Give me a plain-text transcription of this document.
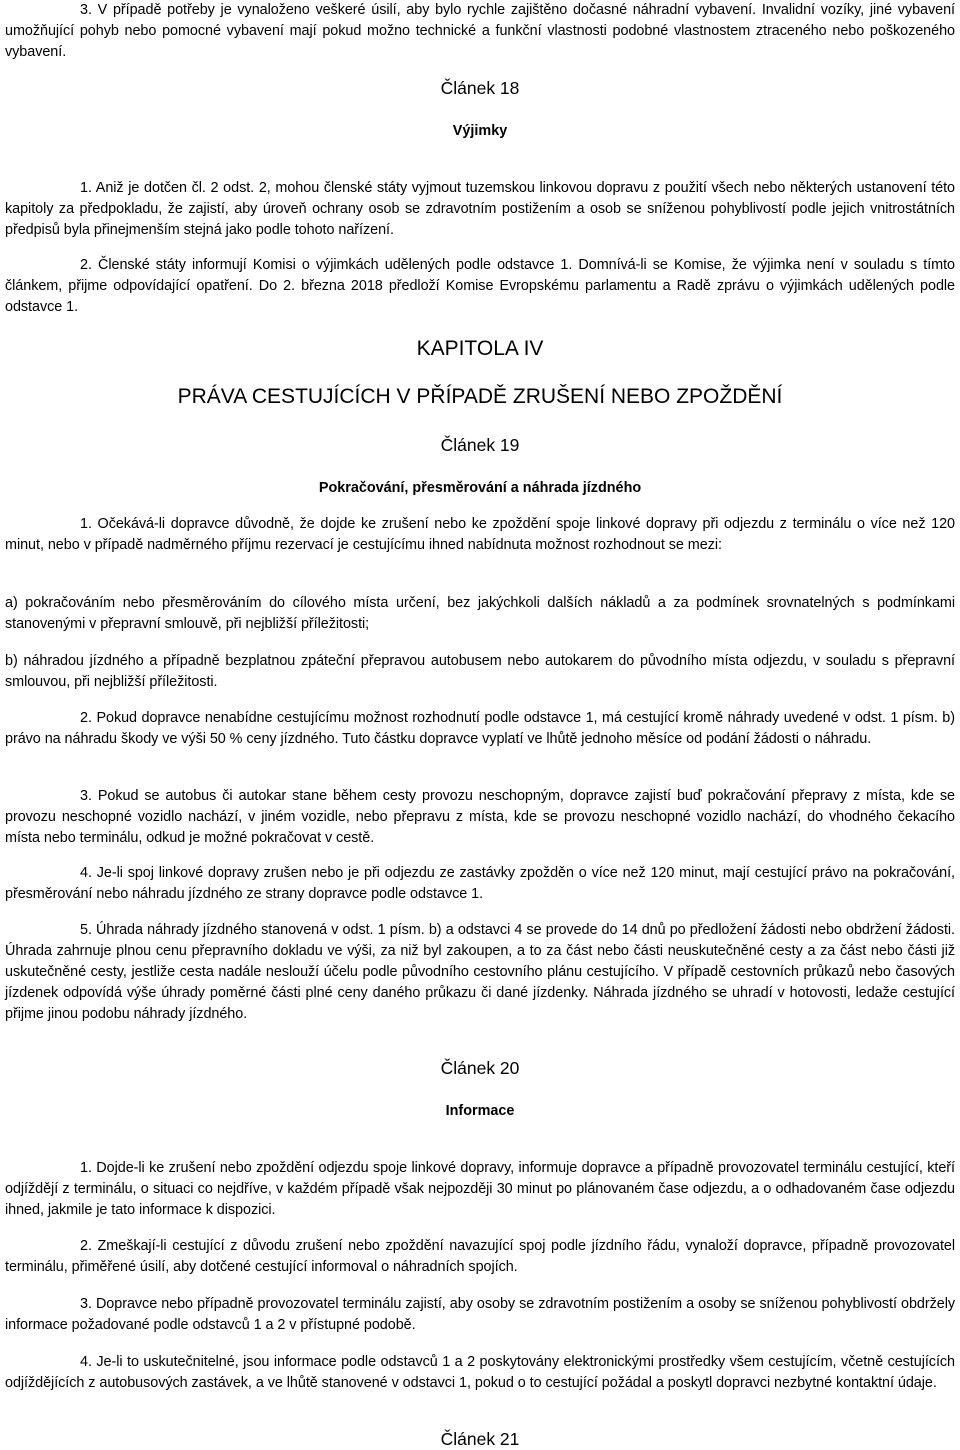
3. V případě potřeby je vynaloženo veškeré úsilí, aby bylo rychle zajištěno dočasné náhradní vybavení. Invalidní vozíky, jiné vybavení umožňující pohyb nebo pomocné vybavení mají pokud možno technické a funkční vlastnosti podobné vlastnostem ztraceného nebo poškozeného vybavení.

Článek 18
Výjimky

1. Aniž je dotčen čl. 2 odst. 2, mohou členské státy vyjmout tuzemskou linkovou dopravu z použití všech nebo některých ustanovení této kapitoly za předpokladu, že zajistí, aby úroveň ochrany osob se zdravotním postižením a osob se sníženou pohyblivostí podle jejich vnitrostátních předpisů byla přinejmenším stejná jako podle tohoto nařízení.

2. Členské státy informují Komisi o výjimkách udělených podle odstavce 1. Domnívá-li se Komise, že výjimka není v souladu s tímto článkem, přijme odpovídající opatření. Do 2. března 2018 předloží Komise Evropskému parlamentu a Radě zprávu o výjimkách udělených podle odstavce 1.

KAPITOLA IV
PRÁVA CESTUJÍCÍCH V PŘÍPADĚ ZRUŠENÍ NEBO ZPOŽDĚNÍ
Článek 19
Pokračování, přesměrování a náhrada jízdného

1. Očekává-li dopravce důvodně, že dojde ke zrušení nebo ke zpoždění spoje linkové dopravy při odjezdu z terminálu o více než 120 minut, nebo v případě nadměrného příjmu rezervací je cestujícímu ihned nabídnuta možnost rozhodnout se mezi:

a) pokračováním nebo přesměrováním do cílového místa určení, bez jakýchkoli dalších nákladů a za podmínek srovnatelných s podmínkami stanovenými v přepravní smlouvě, při nejbližší příležitosti;

b) náhradou jízdného a případně bezplatnou zpáteční přepravou autobusem nebo autokarem do původního místa odjezdu, v souladu s přepravní smlouvou, při nejbližší příležitosti.

2. Pokud dopravce nenabídne cestujícímu možnost rozhodnutí podle odstavce 1, má cestující kromě náhrady uvedené v odst. 1 písm. b) právo na náhradu škody ve výši 50 % ceny jízdného. Tuto částku dopravce vyplatí ve lhůtě jednoho měsíce od podání žádosti o náhradu.

3. Pokud se autobus či autokar stane během cesty provozu neschopným, dopravce zajistí buď pokračování přepravy z místa, kde se provozu neschopné vozidlo nachází, v jiném vozidle, nebo přepravu z místa, kde se provozu neschopné vozidlo nachází, do vhodného čekacího místa nebo terminálu, odkud je možné pokračovat v cestě.

4. Je-li spoj linkové dopravy zrušen nebo je při odjezdu ze zastávky zpožděn o více než 120 minut, mají cestující právo na pokračování, přesměrování nebo náhradu jízdného ze strany dopravce podle odstavce 1.

5. Úhrada náhrady jízdného stanovená v odst. 1 písm. b) a odstavci 4 se provede do 14 dnů po předložení žádosti nebo obdržení žádosti. Úhrada zahrnuje plnou cenu přepravního dokladu ve výši, za niž byl zakoupen, a to za část nebo části neuskutečněné cesty a za část nebo části již uskutečněné cesty, jestliže cesta nadále neslouží účelu podle původního cestovního plánu cestujícího. V případě cestovních průkazů nebo časových jízdenek odpovídá výše úhrady poměrné části plné ceny daného průkazu či dané jízdenky. Náhrada jízdného se uhradí v hotovosti, ledaže cestující přijme jinou podobu náhrady jízdného.

Článek 20
Informace

1. Dojde-li ke zrušení nebo zpoždění odjezdu spoje linkové dopravy, informuje dopravce a případně provozovatel terminálu cestující, kteří odjíždějí z terminálu, o situaci co nejdříve, v každém případě však nejpozději 30 minut po plánovaném čase odjezdu, a o odhadovaném čase odjezdu ihned, jakmile je tato informace k dispozici.

2. Zmeškají-li cestující z důvodu zrušení nebo zpoždění navazující spoj podle jízdního řádu, vynaloží dopravce, případně provozovatel terminálu, přiměřené úsilí, aby dotčené cestující informoval o náhradních spojích.

3. Dopravce nebo případně provozovatel terminálu zajistí, aby osoby se zdravotním postižením a osoby se sníženou pohyblivostí obdržely informace požadované podle odstavců 1 a 2 v přístupné podobě.

4. Je-li to uskutečnitelné, jsou informace podle odstavců 1 a 2 poskytovány elektronickými prostředky všem cestujícím, včetně cestujících odjíždějících z autobusových zastávek, a ve lhůtě stanovené v odstavci 1, pokud o to cestující požádal a poskytl dopravci nezbytné kontaktní údaje.

Článek 21
